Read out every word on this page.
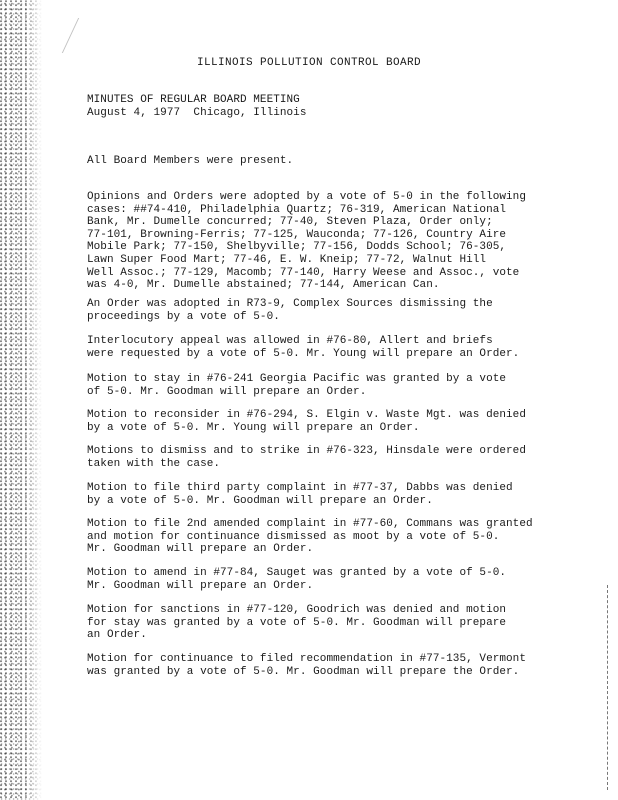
ILLINOIS POLLUTION CONTROL BOARD
MINUTES OF REGULAR BOARD MEETING
August 4, 1977  Chicago, Illinois
All Board Members were present.
Opinions and Orders were adopted by a vote of 5-0 in the following
cases: ##74-410, Philadelphia Quartz; 76-319, American National
Bank, Mr. Dumelle concurred; 77-40, Steven Plaza, Order only;
77-101, Browning-Ferris; 77-125, Wauconda; 77-126, Country Aire
Mobile Park; 77-150, Shelbyville; 77-156, Dodds School; 76-305,
Lawn Super Food Mart; 77-46, E. W. Kneip; 77-72, Walnut Hill
Well Assoc.; 77-129, Macomb; 77-140, Harry Weese and Assoc., vote
was 4-0, Mr. Dumelle abstained; 77-144, American Can.
An Order was adopted in R73-9, Complex Sources dismissing the
proceedings by a vote of 5-0.
Interlocutory appeal was allowed in #76-80, Allert and briefs
were requested by a vote of 5-0. Mr. Young will prepare an Order.
Motion to stay in #76-241 Georgia Pacific was granted by a vote
of 5-0. Mr. Goodman will prepare an Order.
Motion to reconsider in #76-294, S. Elgin v. Waste Mgt. was denied
by a vote of 5-0. Mr. Young will prepare an Order.
Motions to dismiss and to strike in #76-323, Hinsdale were ordered
taken with the case.
Motion to file third party complaint in #77-37, Dabbs was denied
by a vote of 5-0. Mr. Goodman will prepare an Order.
Motion to file 2nd amended complaint in #77-60, Commans was granted
and motion for continuance dismissed as moot by a vote of 5-0.
Mr. Goodman will prepare an Order.
Motion to amend in #77-84, Sauget was granted by a vote of 5-0.
Mr. Goodman will prepare an Order.
Motion for sanctions in #77-120, Goodrich was denied and motion
for stay was granted by a vote of 5-0. Mr. Goodman will prepare
an Order.
Motion for continuance to filed recommendation in #77-135, Vermont
was granted by a vote of 5-0. Mr. Goodman will prepare the Order.
